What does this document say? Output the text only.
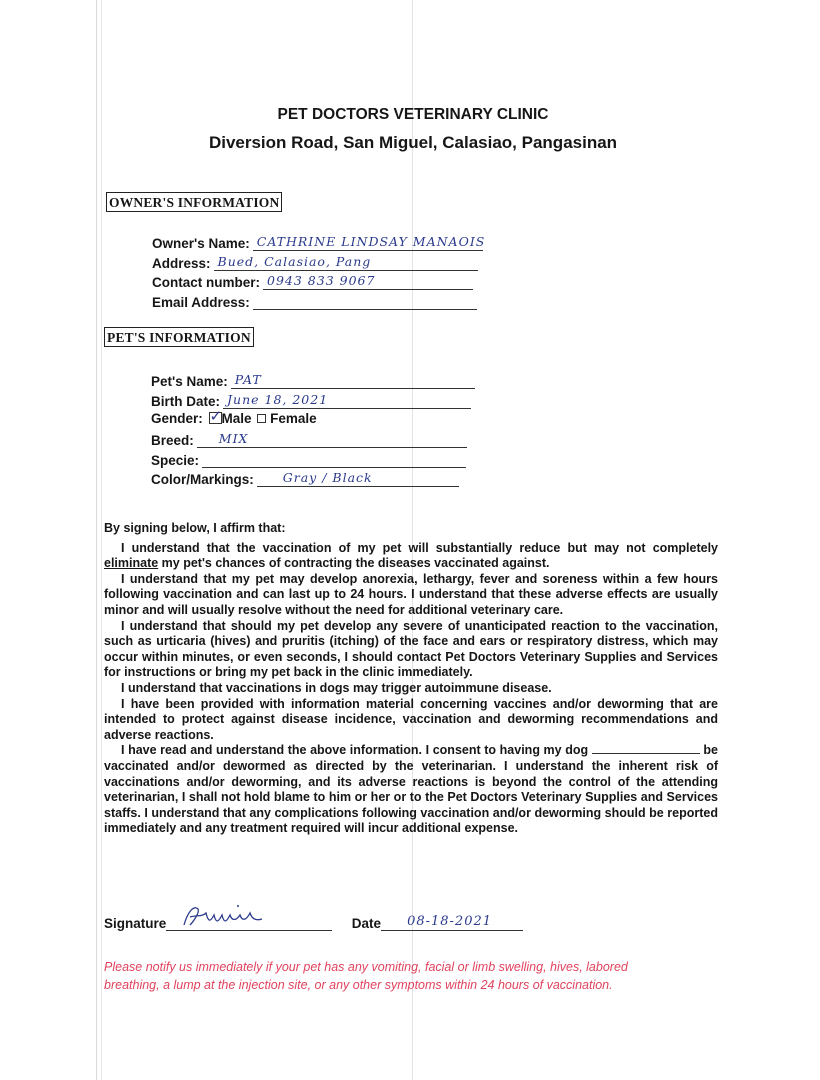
PET DOCTORS VETERINARY CLINIC
Diversion Road, San Miguel, Calasiao, Pangasinan
OWNER'S INFORMATION
Owner's Name: CATHRINE LINDSAY MANAOIS
Address: Bued, Calasiao, Pang
Contact number: 0943 833 9067
Email Address:
PET'S INFORMATION
Pet's Name: PAT
Birth Date: June 18, 2021
Gender: ✓ Male Female
Breed: MIX
Specie:
Color/Markings: Gray / Black

By signing below, I affirm that:

I understand that the vaccination of my pet will substantially reduce but may not completely eliminate my pet's chances of contracting the diseases vaccinated against.

I understand that my pet may develop anorexia, lethargy, fever and soreness within a few hours following vaccination and can last up to 24 hours. I understand that these adverse effects are usually minor and will usually resolve without the need for additional veterinary care.

I understand that should my pet develop any severe of unanticipated reaction to the vaccination, such as urticaria (hives) and pruritis (itching) of the face and ears or respiratory distress, which may occur within minutes, or even seconds, I should contact Pet Doctors Veterinary Supplies and Services for instructions or bring my pet back in the clinic immediately.

I understand that vaccinations in dogs may trigger autoimmune disease.

I have been provided with information material concerning vaccines and/or deworming that are intended to protect against disease incidence, vaccination and deworming recommendations and adverse reactions.

I have read and understand the above information. I consent to having my dog	be vaccinated and/or dewormed as directed by the veterinarian. I understand the inherent risk of vaccinations and/or deworming, and its adverse reactions is beyond the control of the attending veterinarian, I shall not hold blame to him or her or to the Pet Doctors Veterinary Supplies and Services staffs. I understand that any complications following vaccination and/or deworming should be reported immediately and any treatment required will incur additional expense.

Signature	Date 08-18-2021
Please notify us immediately if your pet has any vomiting, facial or limb swelling, hives, labored breathing, a lump at the injection site, or any other symptoms within 24 hours of vaccination.
